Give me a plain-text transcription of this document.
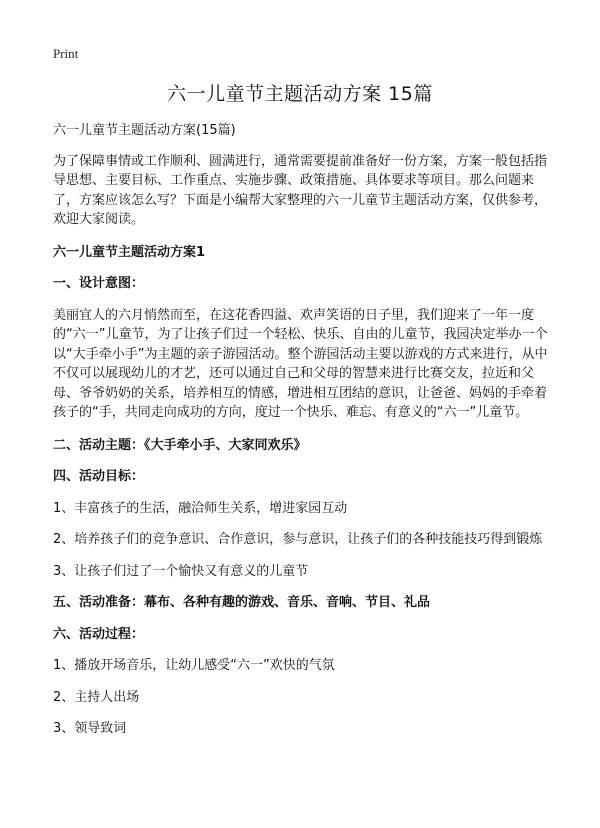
Print
六一儿童节主题活动方案 15篇

六一儿童节主题活动方案(15篇)

为了保障事情或工作顺利、圆满进行，通常需要提前准备好一份方案，方案一般包括指导思想、主要目标、工作重点、实施步骤、政策措施、具体要求等项目。那么问题来了，方案应该怎么写？下面是小编帮大家整理的六一儿童节主题活动方案，仅供参考，欢迎大家阅读。

六一儿童节主题活动方案1

一、设计意图：

美丽宜人的六月悄然而至，在这花香四溢、欢声笑语的日子里，我们迎来了一年一度的“六一”儿童节，为了让孩子们过一个轻松、快乐、自由的儿童节，我园决定举办一个以“大手牵小手”为主题的亲子游园活动。整个游园活动主要以游戏的方式来进行，从中不仅可以展现幼儿的才艺，还可以通过自己和父母的智慧来进行比赛交友，拉近和父母、爷爷奶奶的关系，培养相互的情感，增进相互团结的意识，让爸爸、妈妈的手牵着孩子的“手，共同走向成功的方向，度过一个快乐、难忘、有意义的“六一”儿童节。

二、活动主题：《大手牵小手、大家同欢乐》

四、活动目标：

1、丰富孩子的生活，融洽师生关系，增进家园互动

2、培养孩子们的竞争意识、合作意识，参与意识，让孩子们的各种技能技巧得到锻炼

3、让孩子们过了一个愉快又有意义的儿童节

五、活动准备：幕布、各种有趣的游戏、音乐、音响、节目、礼品

六、活动过程：

1、播放开场音乐，让幼儿感受“六一”欢快的气氛

2、主持人出场

3、领导致词
